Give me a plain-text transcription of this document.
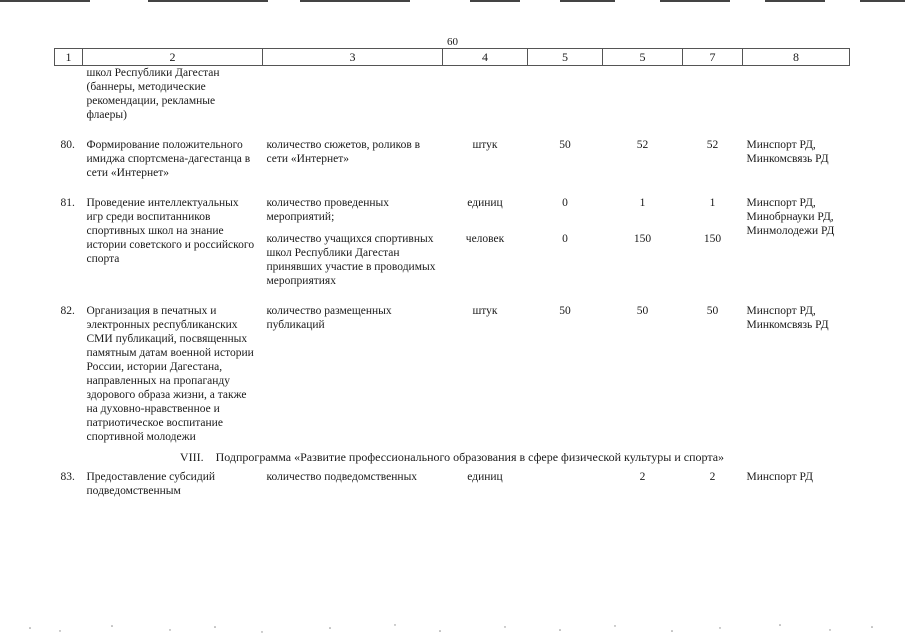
60
1	2	3	4	5	5	7	8
	школ Республики Дагестан (баннеры, методические рекомендации, рекламные флаеры)						
80.	Формирование положительного имиджа спортсмена-дагестанца в сети «Интернет»	количество сюжетов, роликов в сети «Интернет»	штук	50	52	52	Минспорт РД, Минкомсвязь РД
81.	Проведение интеллектуальных игр среди воспитанников спортивных школ на знание истории советского и российского спорта	количество проведенных мероприятий;	единиц	0	1	1	Минспорт РД, Минобрнауки РД, Минмолодежи РД
		количество учащихся спортивных школ Республики Дагестан принявших участие в проводимых мероприятиях	человек	0	150	150	
82.	Организация в печатных и электронных республиканских СМИ публикаций, посвященных памятным датам военной истории России, истории Дагестана, направленных на пропаганду здорового образа жизни, а также на духовно-нравственное и патриотическое воспитание спортивной молодежи	количество размещенных публикаций	штук	50	50	50	Минспорт РД, Минкомсвязь РД
VIII. Подпрограмма «Развитие профессионального образования в сфере физической культуры и спорта»							
83.	Предоставление субсидий подведомственным	количество подведомственных	единиц		2	2	Минспорт РД
